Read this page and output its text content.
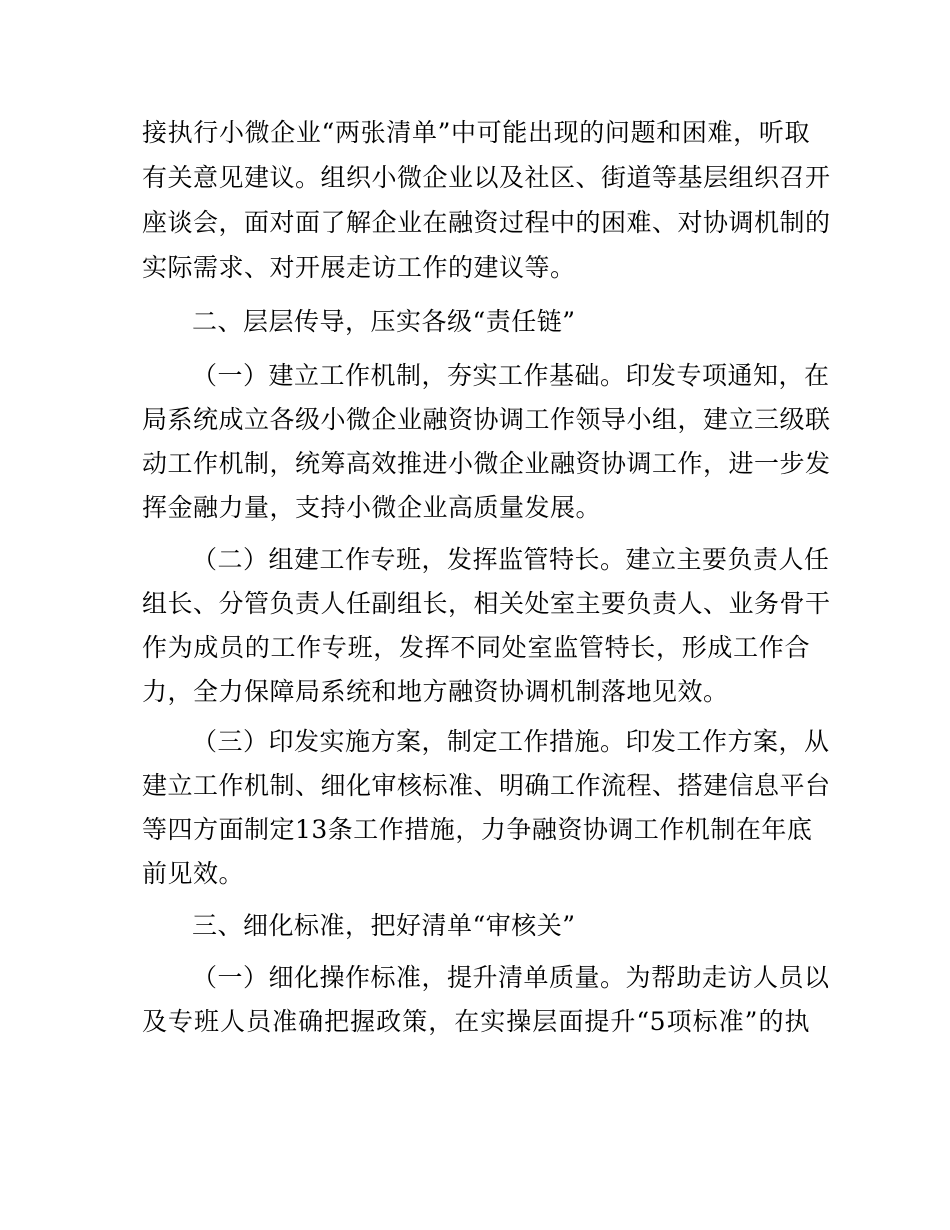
接执行小微企业“两张清单”中可能出现的问题和困难，听取
有关意见建议。组织小微企业以及社区、街道等基层组织召开
座谈会，面对面了解企业在融资过程中的困难、对协调机制的
实际需求、对开展走访工作的建议等。
二、层层传导，压实各级“责任链”
（一）建立工作机制，夯实工作基础。印发专项通知，在
局系统成立各级小微企业融资协调工作领导小组，建立三级联
动工作机制，统筹高效推进小微企业融资协调工作，进一步发
挥金融力量，支持小微企业高质量发展。
（二）组建工作专班，发挥监管特长。建立主要负责人任
组长、分管负责人任副组长，相关处室主要负责人、业务骨干
作为成员的工作专班，发挥不同处室监管特长，形成工作合
力，全力保障局系统和地方融资协调机制落地见效。
（三）印发实施方案，制定工作措施。印发工作方案，从
建立工作机制、细化审核标准、明确工作流程、搭建信息平台
等四方面制定13条工作措施，力争融资协调工作机制在年底
前见效。
三、细化标准，把好清单“审核关”
（一）细化操作标准，提升清单质量。为帮助走访人员以
及专班人员准确把握政策，在实操层面提升“5项标准”的执
